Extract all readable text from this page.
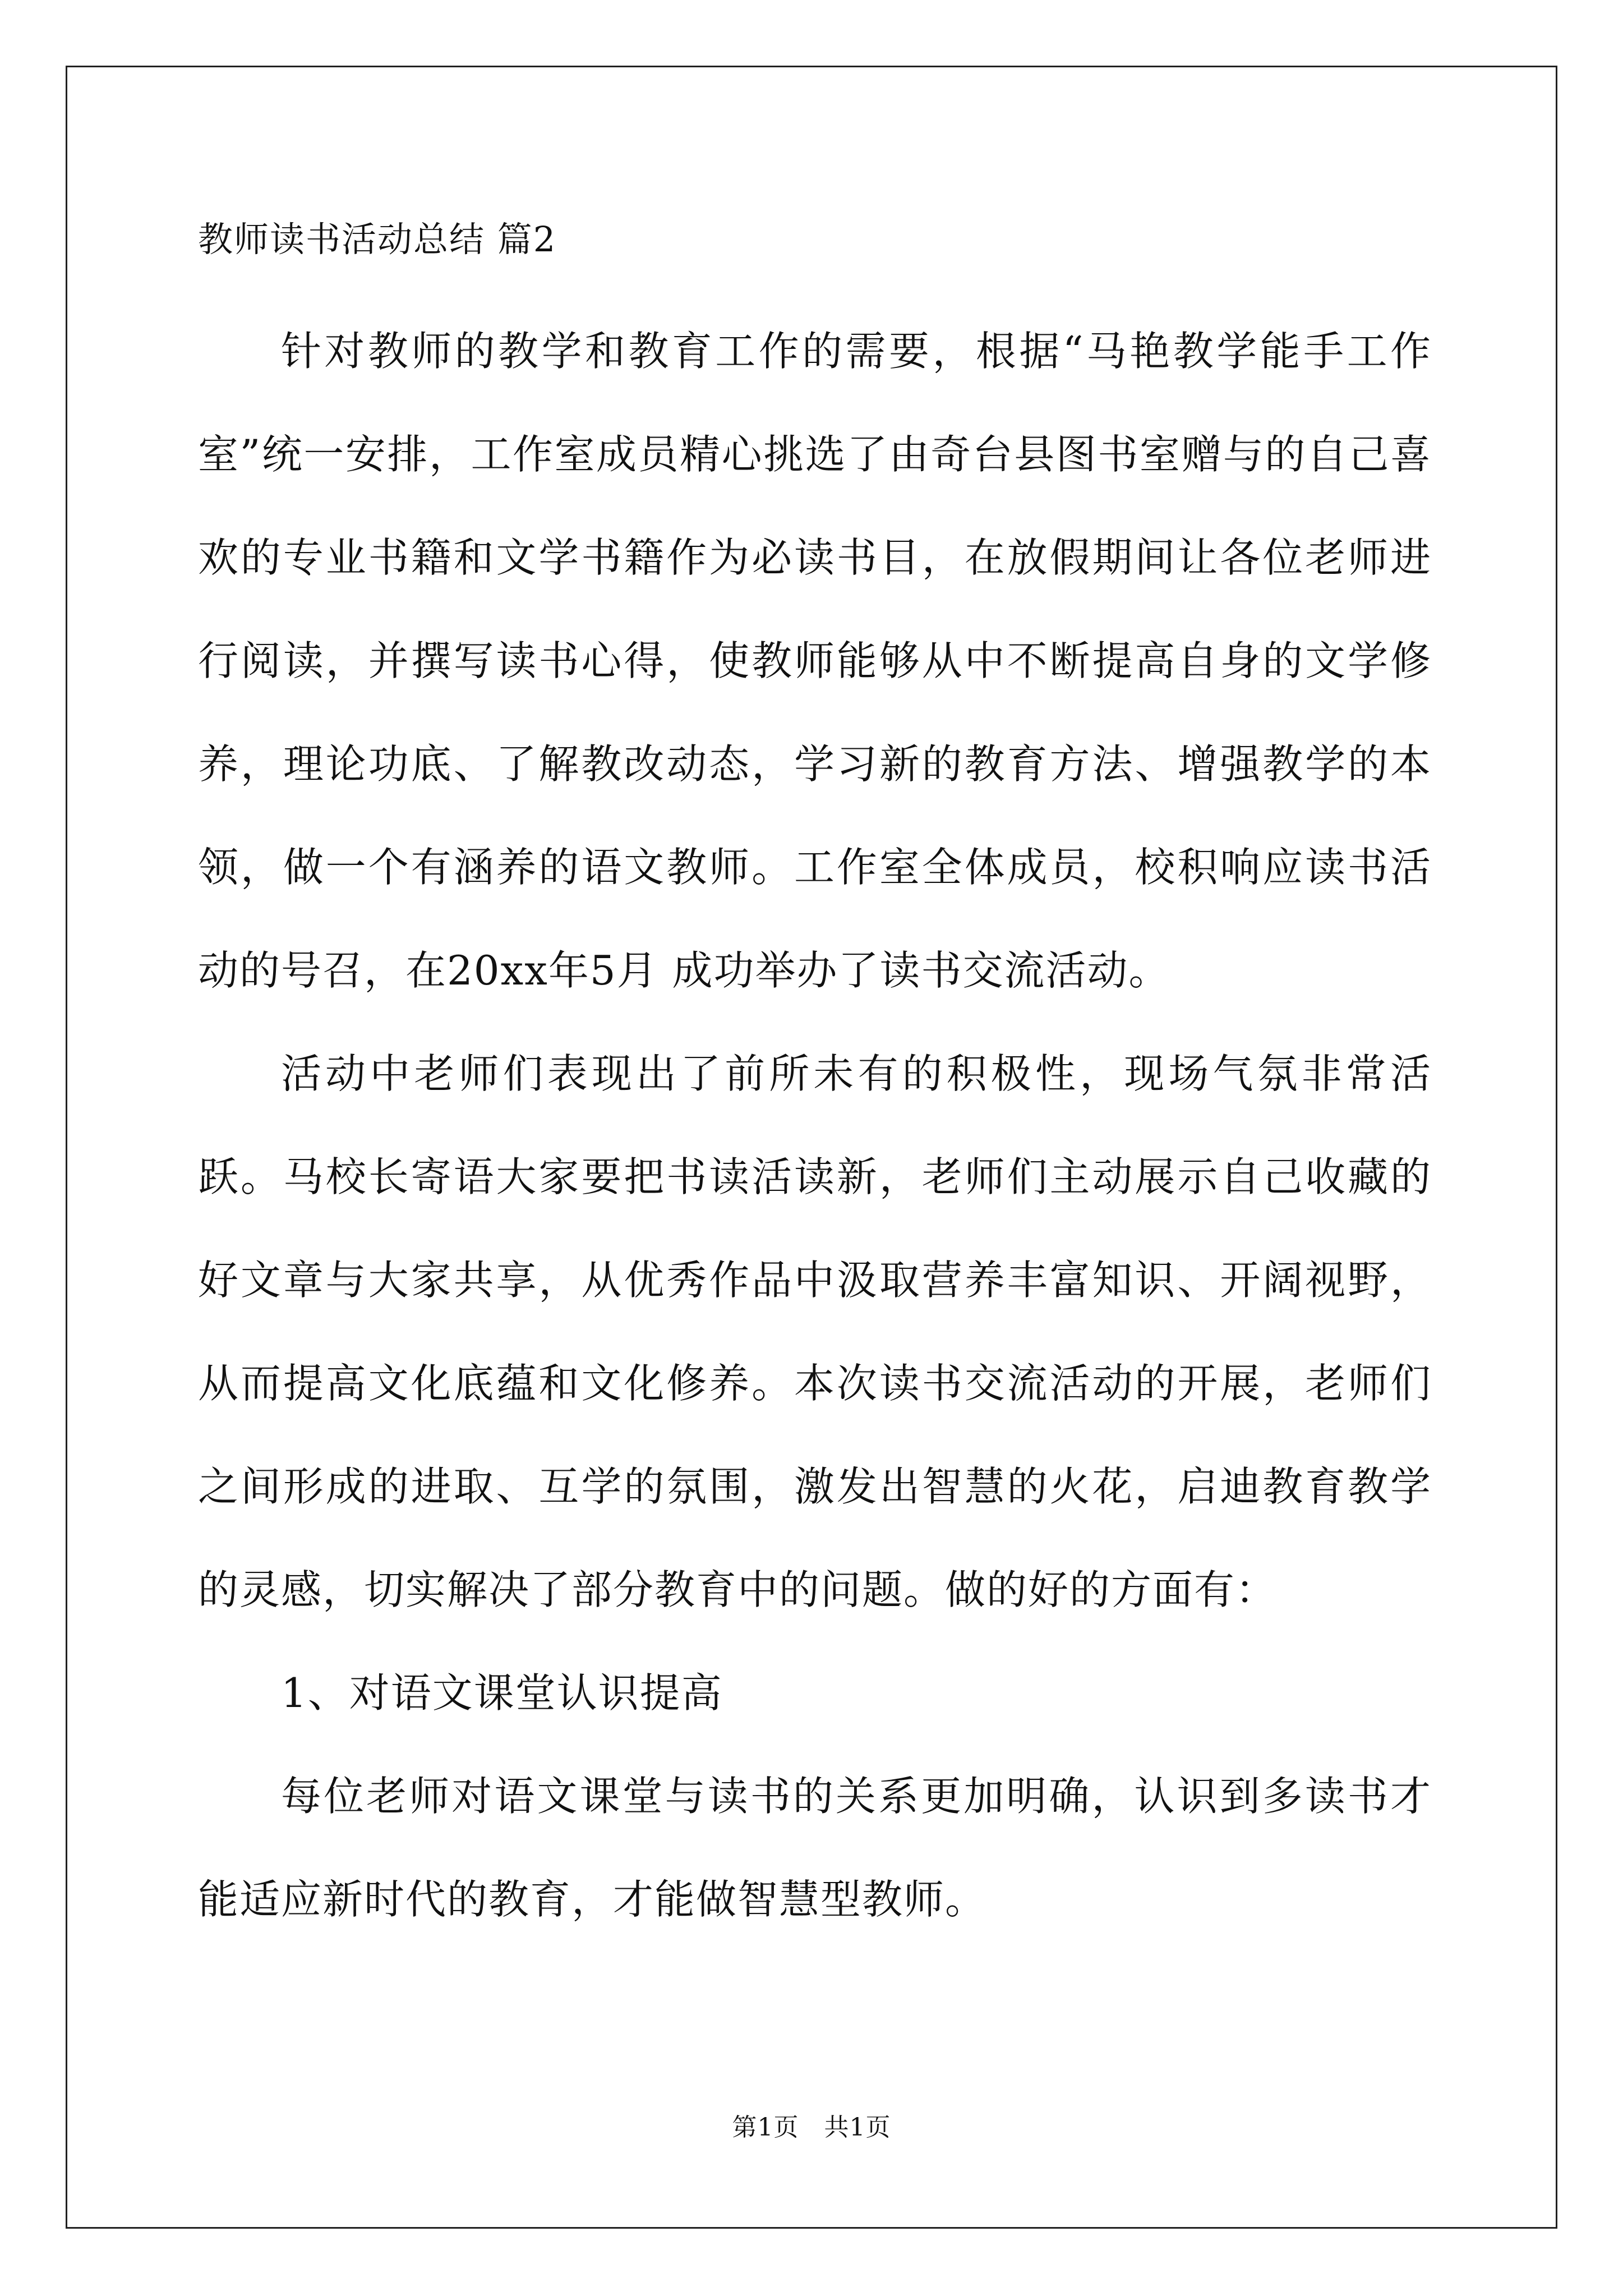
教师读书活动总结 篇2

针对教师的教学和教育工作的需要，根据“马艳教学能手工作室”统一安排，工作室成员精心挑选了由奇台县图书室赠与的自己喜欢的专业书籍和文学书籍作为必读书目，在放假期间让各位老师进行阅读，并撰写读书心得，使教师能够从中不断提高自身的文学修养，理论功底、了解教改动态，学习新的教育方法、增强教学的本领，做一个有涵养的语文教师。工作室全体成员，校积响应读书活动的号召，在20xx年5月 成功举办了读书交流活动。

活动中老师们表现出了前所未有的积极性，现场气氛非常活跃。马校长寄语大家要把书读活读新，老师们主动展示自己收藏的好文章与大家共享，从优秀作品中汲取营养丰富知识、开阔视野，从而提高文化底蕴和文化修养。本次读书交流活动的开展，老师们之间形成的进取、互学的氛围，激发出智慧的火花，启迪教育教学的灵感，切实解决了部分教育中的问题。做的好的方面有：

1、对语文课堂认识提高

每位老师对语文课堂与读书的关系更加明确，认识到多读书才能适应新时代的教育，才能做智慧型教师。

第1页　共1页
